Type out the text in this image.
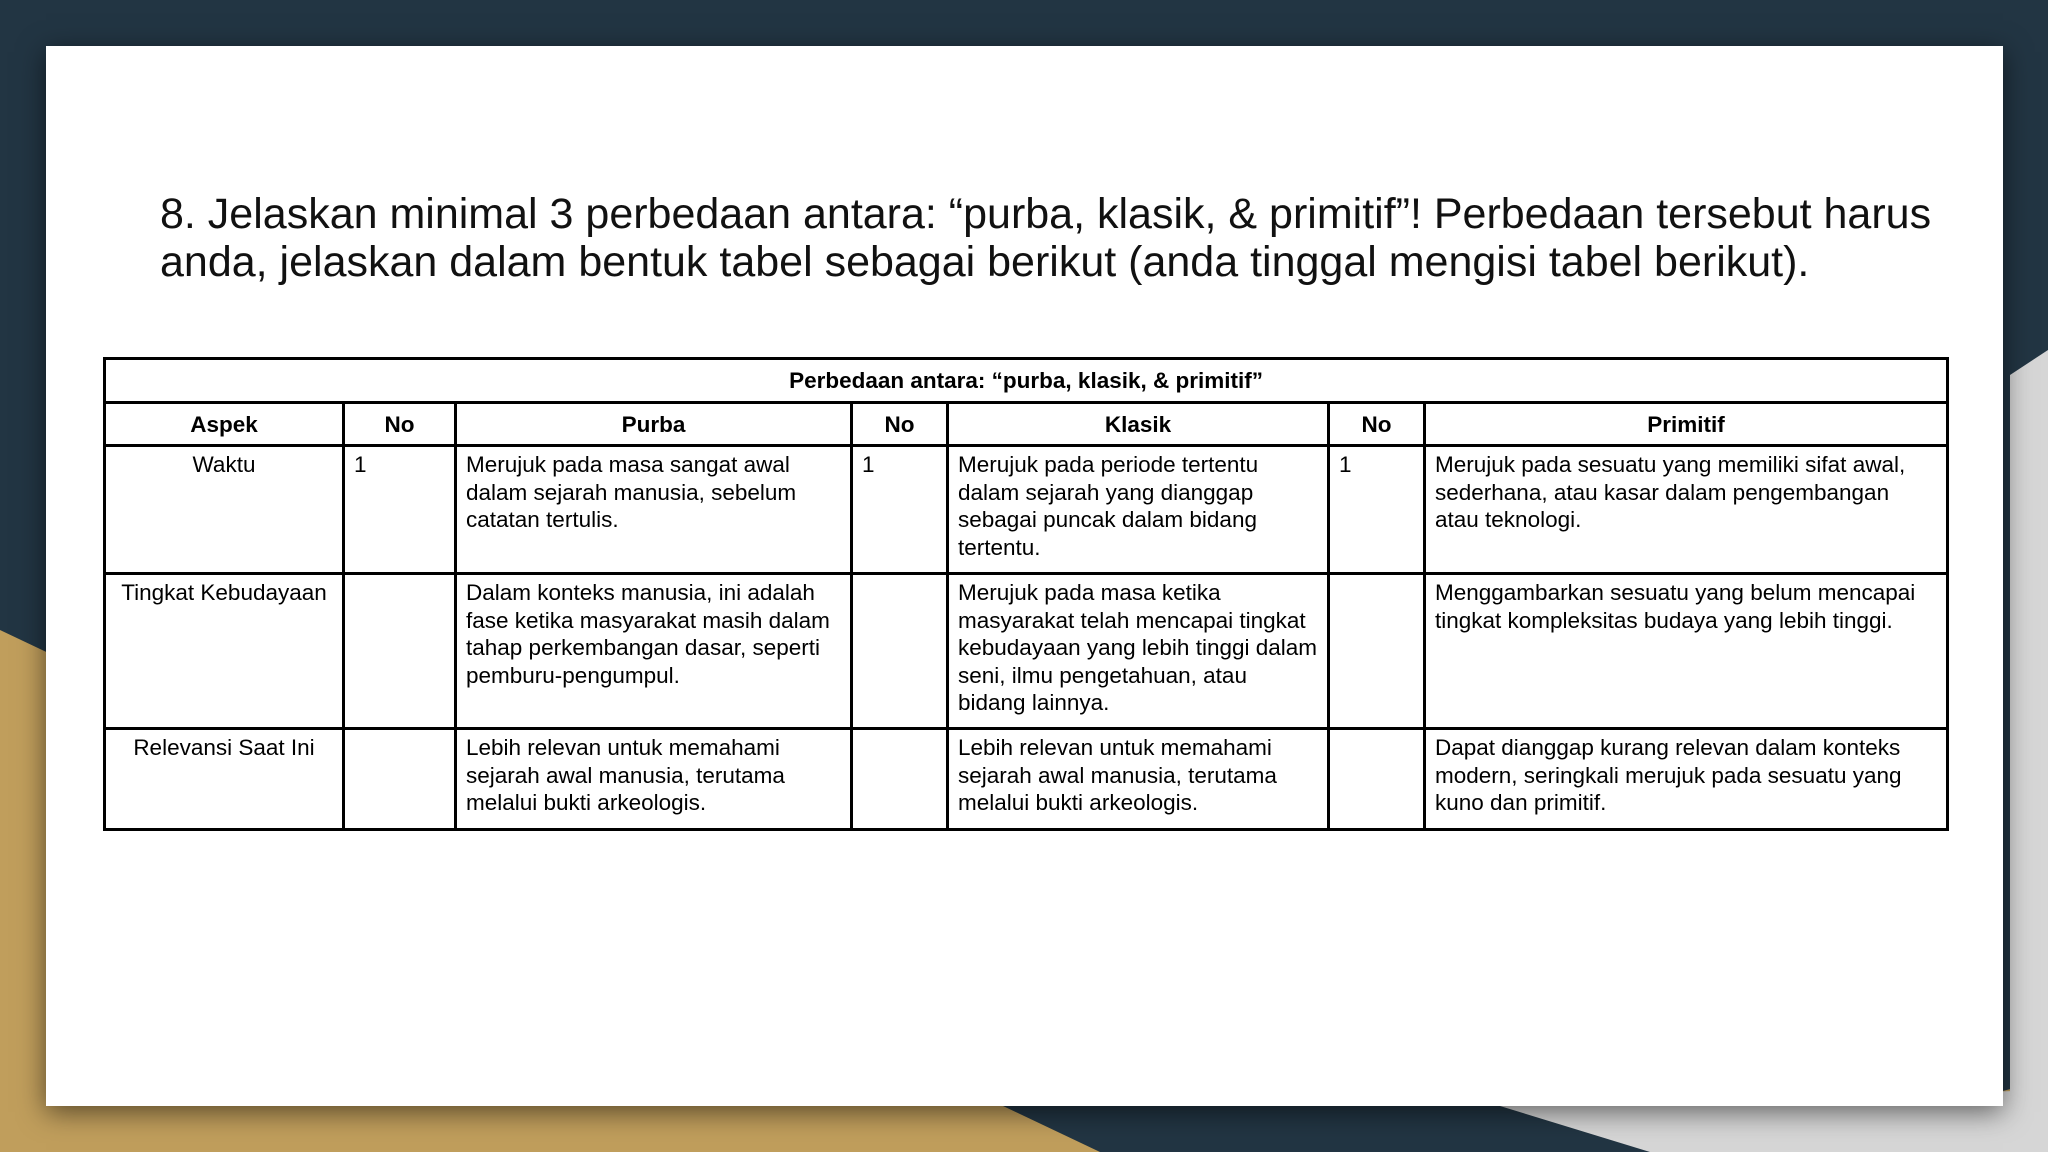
8. Jelaskan minimal 3 perbedaan antara: “purba, klasik, & primitif”! Perbedaan tersebut harus anda, jelaskan dalam bentuk tabel sebagai berikut (anda tinggal mengisi tabel berikut).

Perbedaan antara: “purba, klasik, & primitif”						
Aspek	No	Purba	No	Klasik	No	Primitif
Waktu	1	Merujuk pada masa sangat awal dalam sejarah manusia, sebelum catatan tertulis.	1	Merujuk pada periode tertentu dalam sejarah yang dianggap sebagai puncak dalam bidang tertentu.	1	Merujuk pada sesuatu yang memiliki sifat awal, sederhana, atau kasar dalam pengembangan atau teknologi.
Tingkat Kebudayaan		Dalam konteks manusia, ini adalah fase ketika masyarakat masih dalam tahap perkembangan dasar, seperti pemburu-pengumpul.		Merujuk pada masa ketika masyarakat telah mencapai tingkat kebudayaan yang lebih tinggi dalam seni, ilmu pengetahuan, atau bidang lainnya.		Menggambarkan sesuatu yang belum mencapai tingkat kompleksitas budaya yang lebih tinggi.
Relevansi Saat Ini		Lebih relevan untuk memahami sejarah awal manusia, terutama melalui bukti arkeologis.		Lebih relevan untuk memahami sejarah awal manusia, terutama melalui bukti arkeologis.		Dapat dianggap kurang relevan dalam konteks modern, seringkali merujuk pada sesuatu yang kuno dan primitif.
